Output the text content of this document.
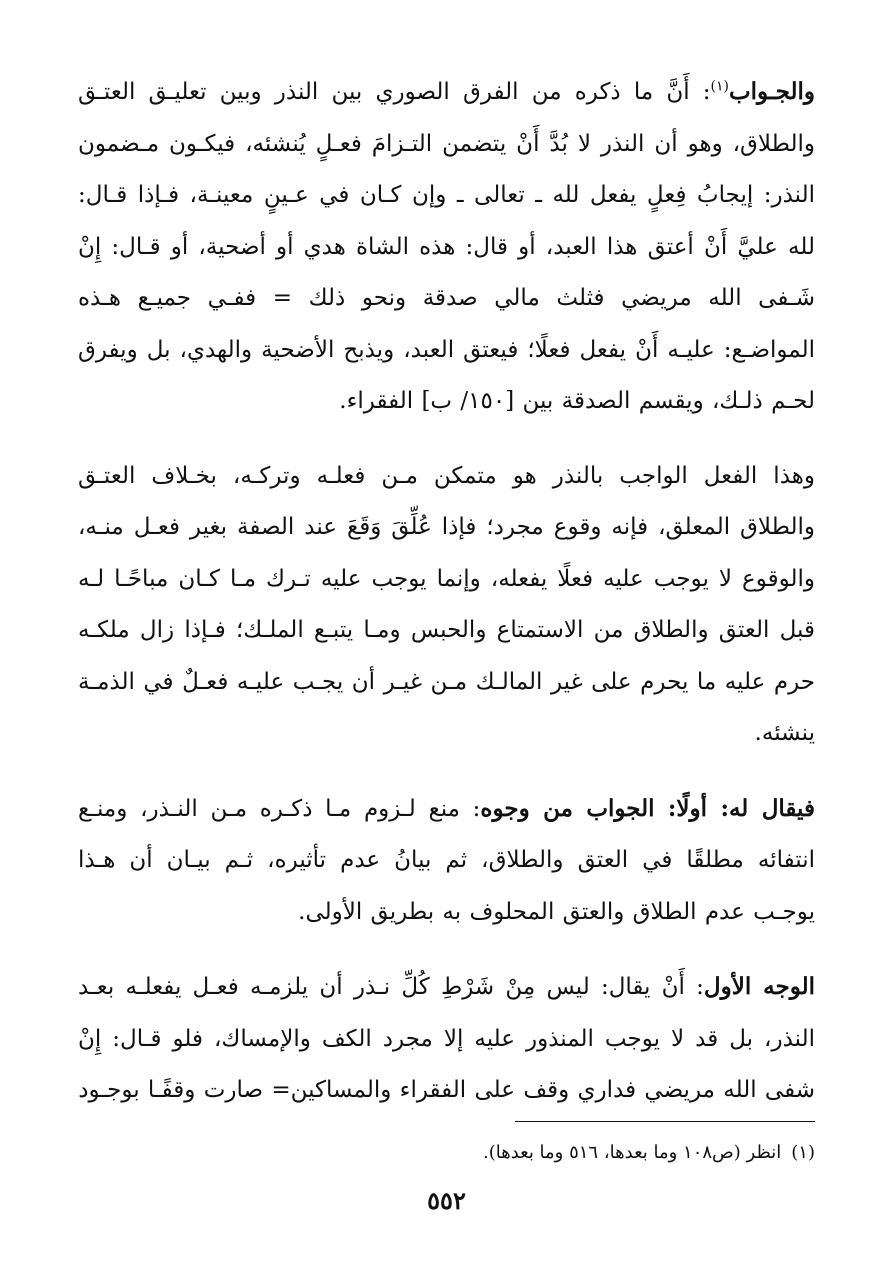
والجـواب$^{(١)}$: أَنَّ ما ذكره من الفرق الصوري بين النذر وبين تعليـق العتـق والطلاق، وهو أن النذر لا بُدَّ أَنْ يتضمن التـزامَ فعـلٍ يُنشئه، فيكـون مـضمون النذر: إيجابُ فِعلٍ يفعل لله ـ تعالى ـ وإن كـان في عـينٍ معينـة، فـإذا قـال: لله عليَّ أَنْ أعتق هذا العبد، أو قال: هذه الشاة هدي أو أضحية، أو قـال: إِنْ شَـفى الله مريضي فثلث مالي صدقة ونحو ذلك = ففـي جميـع هـذه المواضـع: عليـه أَنْ يفعل فعلًا؛ فيعتق العبد، ويذبح الأضحية والهدي، بل ويفرق لحـم ذلـك، ويقسم الصدقة بين [١٥٠/ ب] الفقراء.

وهذا الفعل الواجب بالنذر هو متمكن مـن فعلـه وتركـه، بخـلاف العتـق والطلاق المعلق، فإنه وقوع مجرد؛ فإذا عُلِّقَ وَقَعَ عند الصفة بغير فعـل منـه، والوقوع لا يوجب عليه فعلًا يفعله، وإنما يوجب عليه تـرك مـا كـان مباحًـا لـه قبل العتق والطلاق من الاستمتاع والحبس ومـا يتبـع الملـك؛ فـإذا زال ملكـه حرم عليه ما يحرم على غير المالـك مـن غيـر أن يجـب عليـه فعـلٌ في الذمـة ينشئه.

فيقال له: أولًا: الجواب من وجوه: منع لـزوم مـا ذكـره مـن النـذر، ومنـع انتفائه مطلقًا في العتق والطلاق، ثم بيانُ عدم تأثيره، ثـم بيـان أن هـذا يوجـب عدم الطلاق والعتق المحلوف به بطريق الأولى.

الوجه الأول: أَنْ يقال: ليس مِنْ شَرْطِ كُلِّ نـذر أن يلزمـه فعـل يفعلـه بعـد النذر، بل قد لا يوجب المنذور عليه إلا مجرد الكف والإمساك، فلو قـال: إِنْ شفى الله مريضي فداري وقف على الفقراء والمساكين= صارت وقفًـا بوجـود

(١)انظر (ص١٠٨ وما بعدها، ٥١٦ وما بعدها).
٥٥٢
